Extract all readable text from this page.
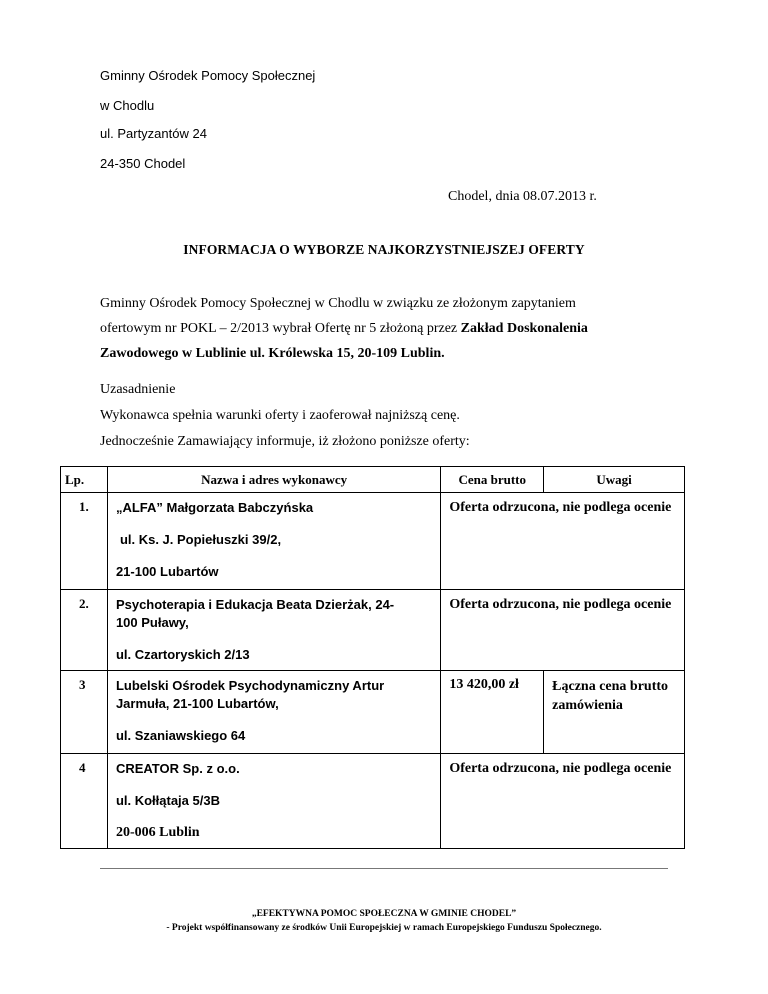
Gminny Ośrodek Pomocy Społecznej
w Chodlu
ul. Partyzantów 24
24-350 Chodel
Chodel, dnia 08.07.2013 r.
INFORMACJA O WYBORZE NAJKORZYSTNIEJSZEJ OFERTY
Gminny Ośrodek Pomocy Społecznej w Chodlu w związku ze złożonym zapytaniem
ofertowym nr POKL – 2/2013 wybrał Ofertę nr 5 złożoną przez Zakład Doskonalenia
Zawodowego w Lublinie ul. Królewska 15, 20-109 Lublin.
Uzasadnienie
Wykonawca spełnia warunki oferty i zaoferował najniższą cenę.
Jednocześnie Zamawiający informuje, iż złożono poniższe oferty:
Lp.	Nazwa i adres wykonawcy	Cena brutto	Uwagi
1.	„ALFA” Małgorzata Babczyńska
ul. Ks. J. Popiełuszki 39/2,
21-100 Lubartów	Oferta odrzucona, nie podlega ocenie	
2.	Psychoterapia i Edukacja Beata Dzierżak, 24-
100 Puławy,
ul. Czartoryskich 2/13	Oferta odrzucona, nie podlega ocenie	
3	Lubelski Ośrodek Psychodynamiczny Artur
Jarmuła, 21-100 Lubartów,
ul. Szaniawskiego 64	13 420,00 zł	Łączna cena brutto zamówienia
4	CREATOR Sp. z o.o.
ul. Kołłątaja 5/3B
20-006 Lublin	Oferta odrzucona, nie podlega ocenie	
„EFEKTYWNA POMOC SPOŁECZNA W GMINIE CHODEL”
- Projekt współfinansowany ze środków Unii Europejskiej w ramach Europejskiego Funduszu Społecznego.
